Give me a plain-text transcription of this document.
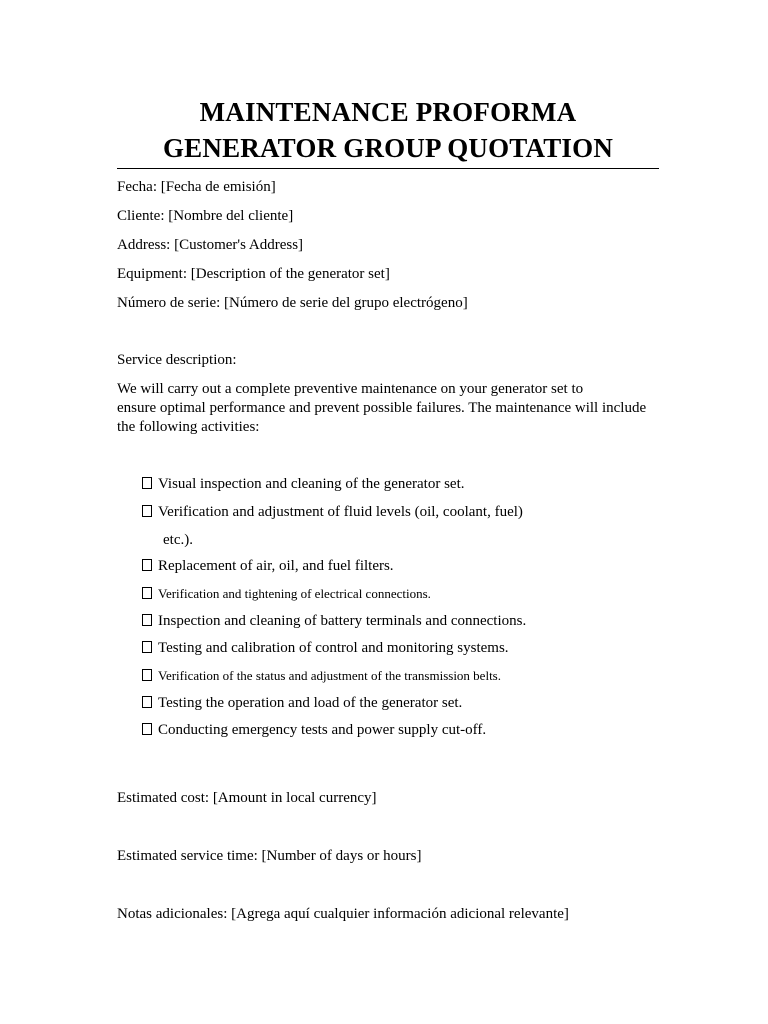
MAINTENANCE PROFORMA
GENERATOR GROUP QUOTATION
Fecha: [Fecha de emisión]
Cliente: [Nombre del cliente]
Address: [Customer's Address]
Equipment: [Description of the generator set]
Número de serie: [Número de serie del grupo electrógeno]
Service description:
We will carry out a complete preventive maintenance on your generator set to
ensure optimal performance and prevent possible failures. The maintenance will include
the following activities:
Visual inspection and cleaning of the generator set.
Verification and adjustment of fluid levels (oil, coolant, fuel)
etc.).
Replacement of air, oil, and fuel filters.
Verification and tightening of electrical connections.
Inspection and cleaning of battery terminals and connections.
Testing and calibration of control and monitoring systems.
Verification of the status and adjustment of the transmission belts.
Testing the operation and load of the generator set.
Conducting emergency tests and power supply cut-off.
Estimated cost: [Amount in local currency]
Estimated service time: [Number of days or hours]
Notas adicionales: [Agrega aquí cualquier información adicional relevante]
